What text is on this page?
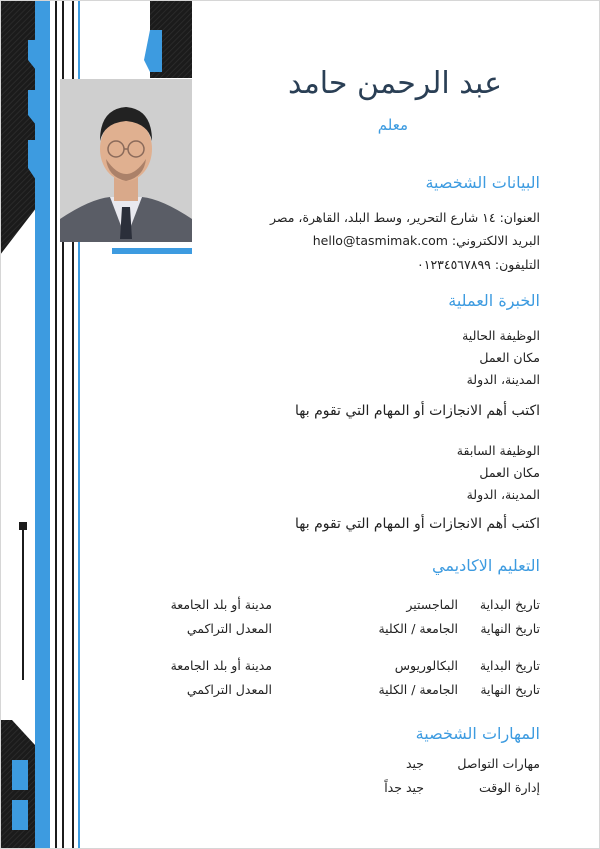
عبد الرحمن حامد
معلم
البيانات الشخصية
العنوان: ١٤ شارع التحرير، وسط البلد، القاهرة، مصر
البريد الالكتروني: hello@tasmimak.com
التليفون: ٠١٢٣٤٥٦٧٨٩٩
الخبرة العملية
الوظيفة الحالية
مكان العمل
المدينة، الدولة
اكتب أهم الانجازات أو المهام التي تقوم بها
الوظيفة السابقة
مكان العمل
المدينة، الدولة
اكتب أهم الانجازات أو المهام التي تقوم بها
التعليم الاكاديمي
تاريخ البداية
تاريخ النهاية
الماجستير
الجامعة / الكلية
مدينة أو بلد الجامعة
المعدل التراكمي
تاريخ البداية
تاريخ النهاية
البكالوريوس
الجامعة / الكلية
مدينة أو بلد الجامعة
المعدل التراكمي
المهارات الشخصية
مهارات التواصل
إدارة الوقت
جيد
جيد جداً
